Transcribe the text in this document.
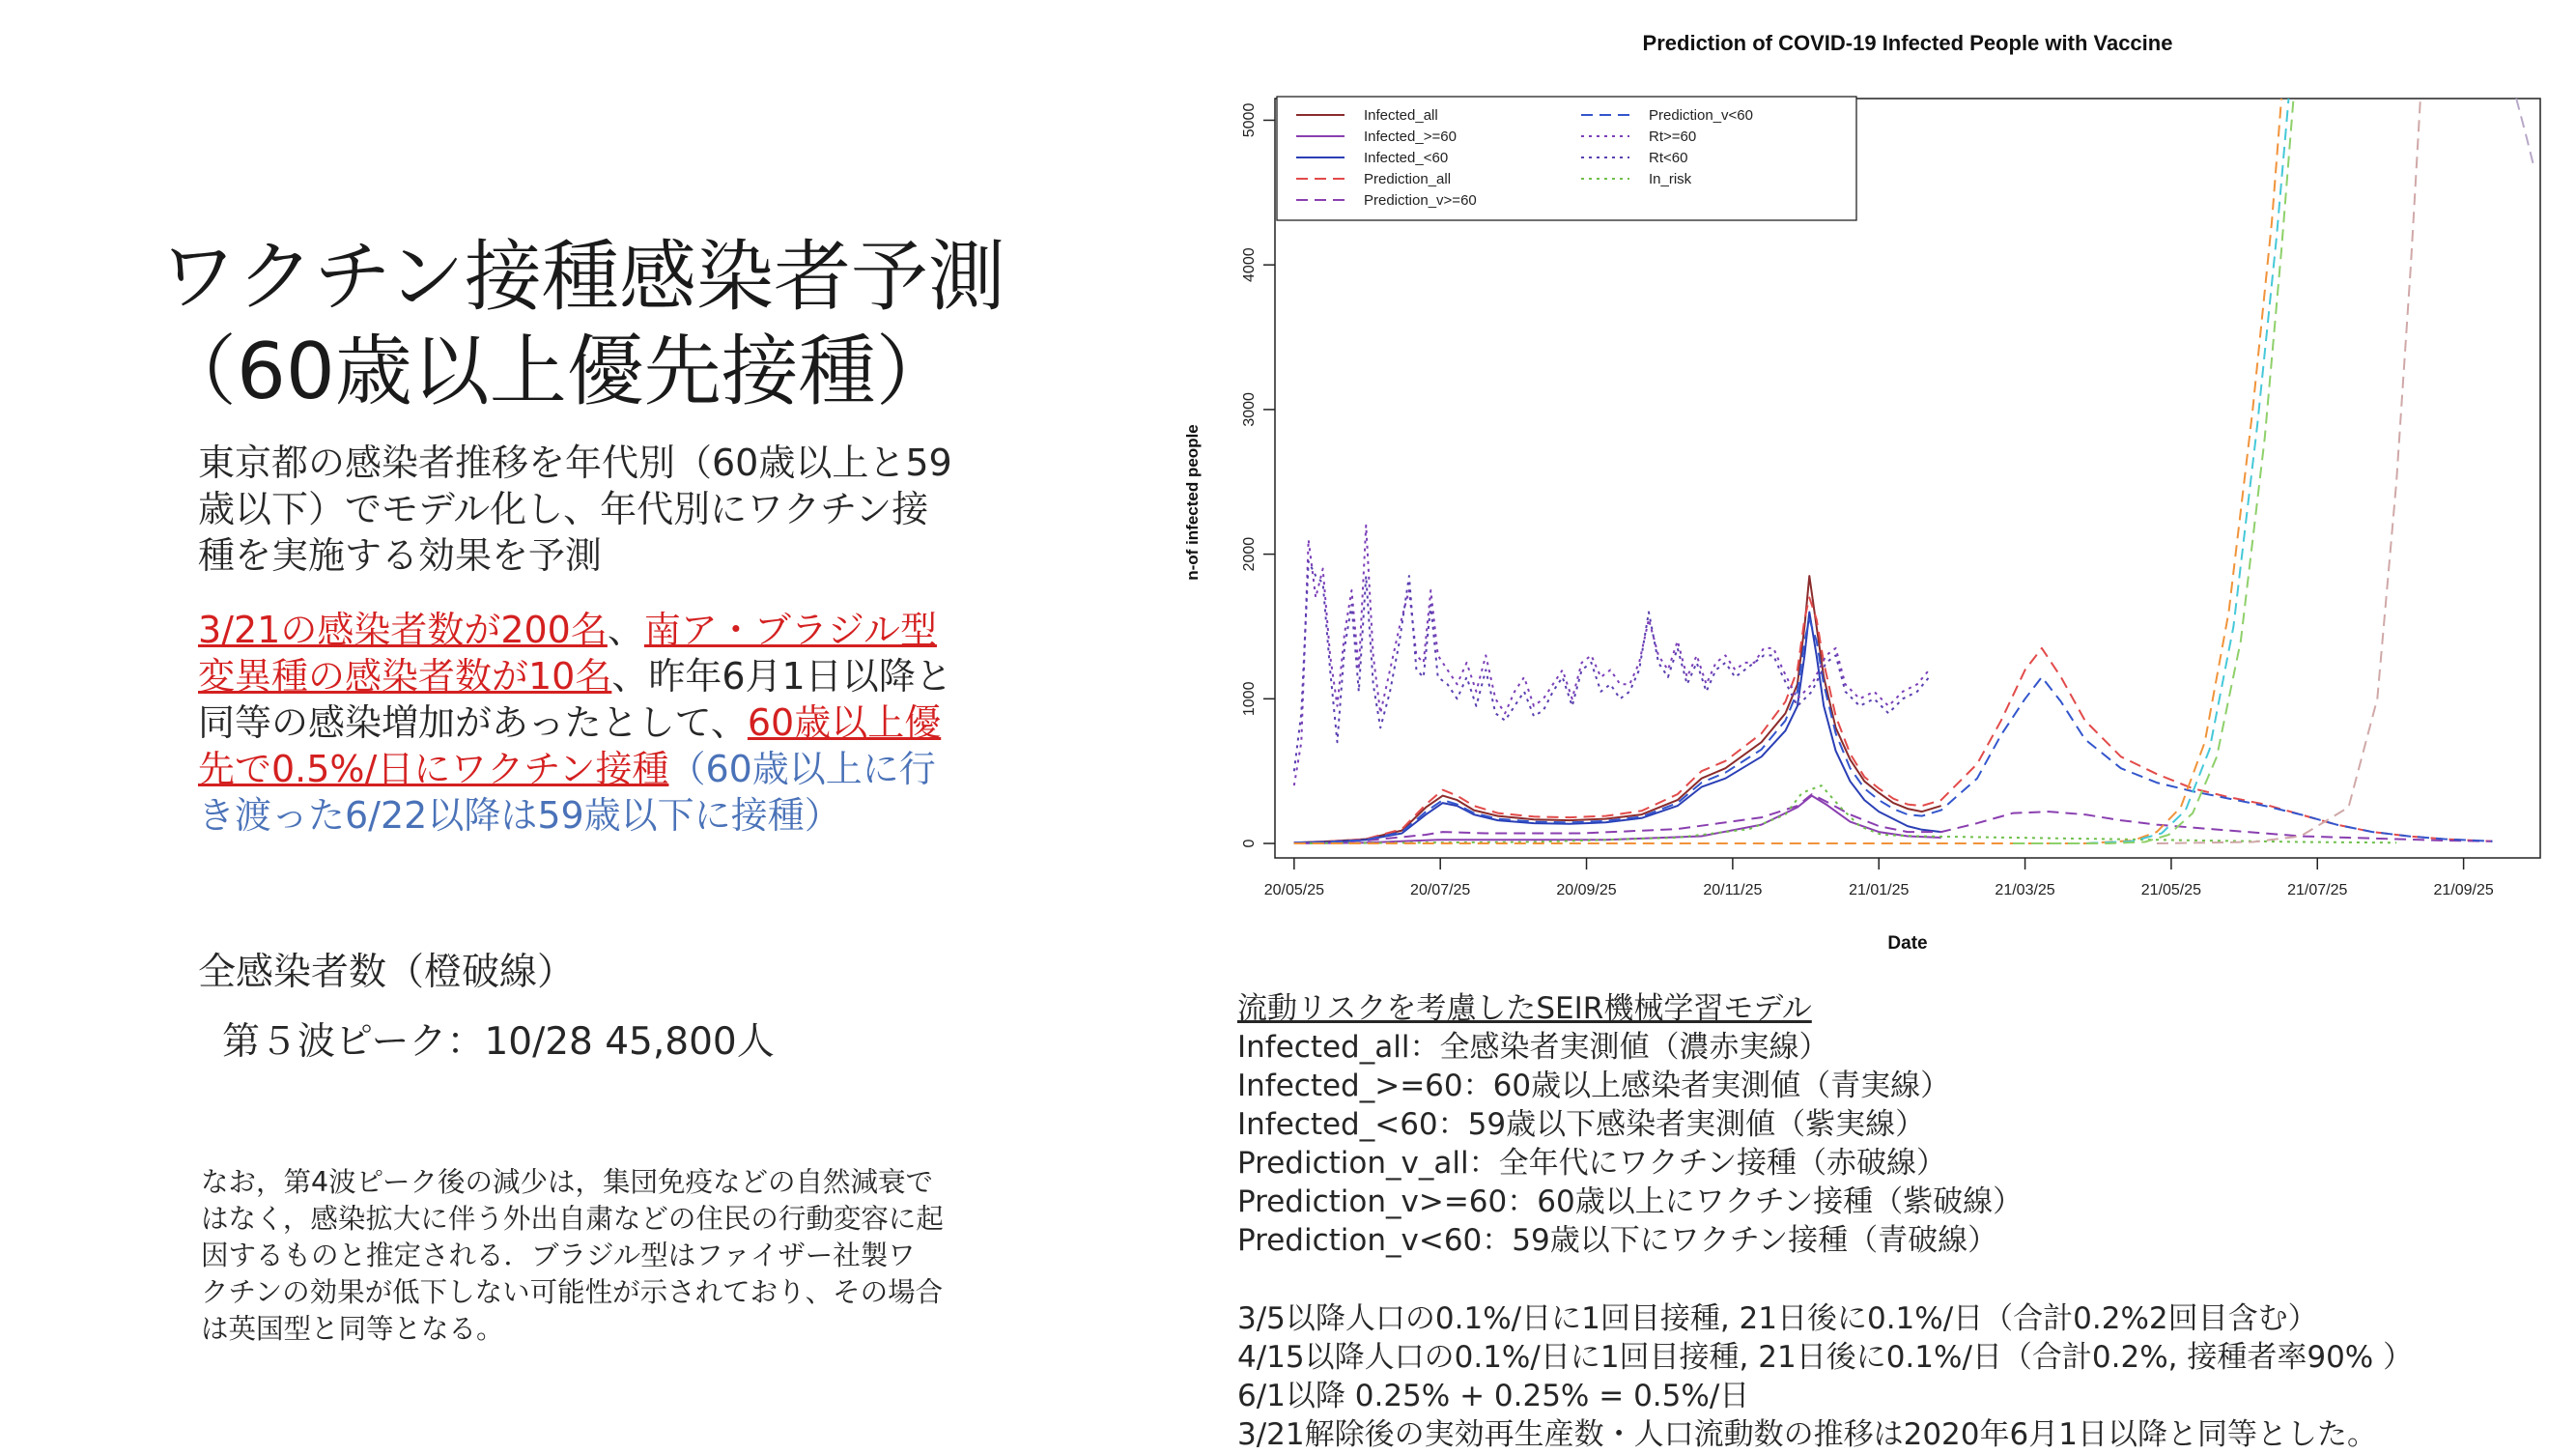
ワクチン接種感染者予測
（60歳以上優先接種）
東京都の感染者推移を年代別（60歳以上と59
歳以下）でモデル化し、年代別にワクチン接
種を実施する効果を予測
3/21の感染者数が200名、南ア・ブラジル型
変異種の感染者数が10名、昨年6月1日以降と
同等の感染増加があったとして、60歳以上優
先で0.5%/日にワクチン接種（60歳以上に行
き渡った6/22以降は59歳以下に接種）
全感染者数（橙破線）
第５波ピーク：10/28 45,800人
なお，第4波ピーク後の減少は，集団免疫などの自然減衰で
はなく，感染拡大に伴う外出自粛などの住民の行動変容に起
因するものと推定される．ブラジル型はファイザー社製ワ
クチンの効果が低下しない可能性が示されており、その場合
は英国型と同等となる。
Prediction of COVID-19 Infected People with Vaccine
Date
n-of infected people
0
1000
2000
3000
4000
5000
20/05/25	20/07/25	20/09/25	20/11/25	21/01/25	21/03/25	21/05/25	21/07/25	21/09/25
Infected_all
Infected_>=60
Infected_<60
Prediction_all
Prediction_v>=60
Prediction_v<60
Rt>=60
Rt<60
In_risk
流動リスクを考慮したSEIR機械学習モデル
Infected_all：全感染者実測値（濃赤実線）
Infected_>=60：60歳以上感染者実測値（青実線）
Infected_<60：59歳以下感染者実測値（紫実線）
Prediction_v_all：全年代にワクチン接種（赤破線）
Prediction_v>=60：60歳以上にワクチン接種（紫破線）
Prediction_v<60：59歳以下にワクチン接種（青破線）
3/5以降人口の0.1%/日に1回目接種, 21日後に0.1%/日（合計0.2%2回目含む）
4/15以降人口の0.1%/日に1回目接種, 21日後に0.1%/日（合計0.2%, 接種者率90% ）
6/1以降 0.25% + 0.25% = 0.5%/日
3/21解除後の実効再生産数・人口流動数の推移は2020年6月1日以降と同等とした。
